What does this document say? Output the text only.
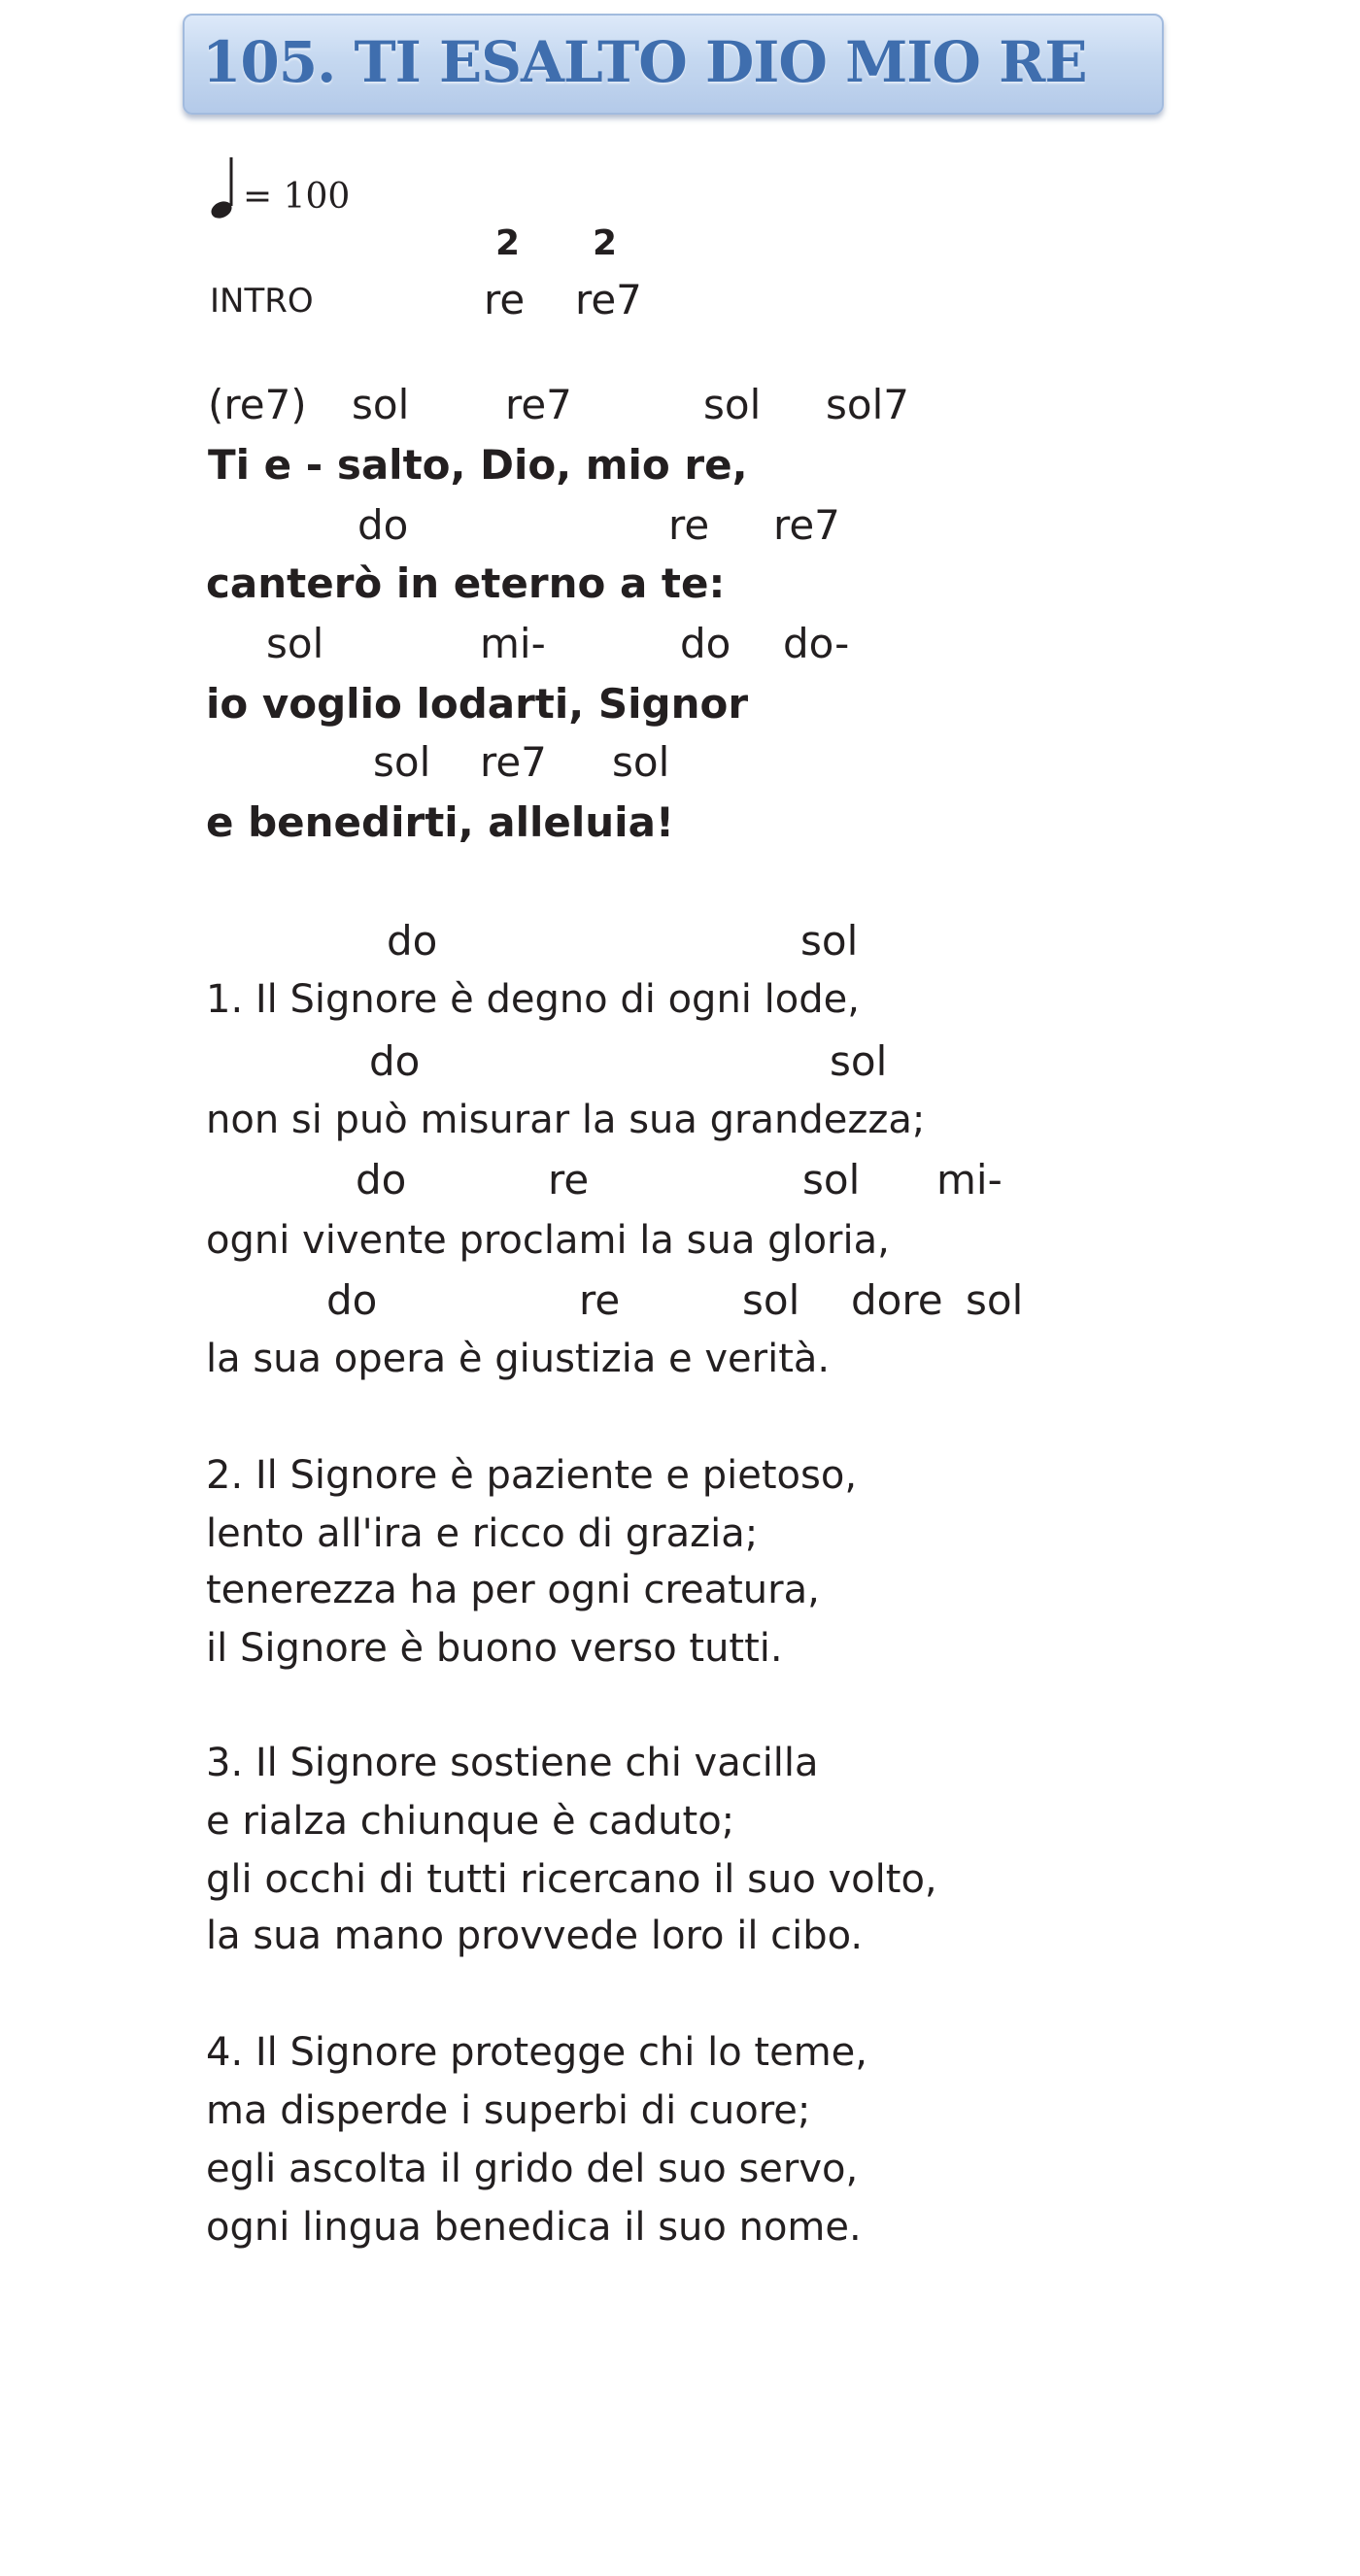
105. TI ESALTO DIO MIO RE
= 100
2 2
INTRO	re re7
(re7) sol re7	sol sol7
Ti e - salto, Dio, mio re,
do	re re7
canterò in eterno a te:
sol	mi-	do do-
io voglio lodarti, Signor
sol re7 sol
e benedirti, alleluia!
do	sol
1. Il Signore è degno di ogni lode,
do	sol
non si può misurar la sua grandezza;
do	re	sol mi-
ogni vivente proclami la sua gloria,
do	re	sol dore sol
la sua opera è giustizia e verità.
2. Il Signore è paziente e pietoso,
lento all'ira e ricco di grazia;
tenerezza ha per ogni creatura,
il Signore è buono verso tutti.
3. Il Signore sostiene chi vacilla
e rialza chiunque è caduto;
gli occhi di tutti ricercano il suo volto,
la sua mano provvede loro il cibo.
4. Il Signore protegge chi lo teme,
ma disperde i superbi di cuore;
egli ascolta il grido del suo servo,
ogni lingua benedica il suo nome.
